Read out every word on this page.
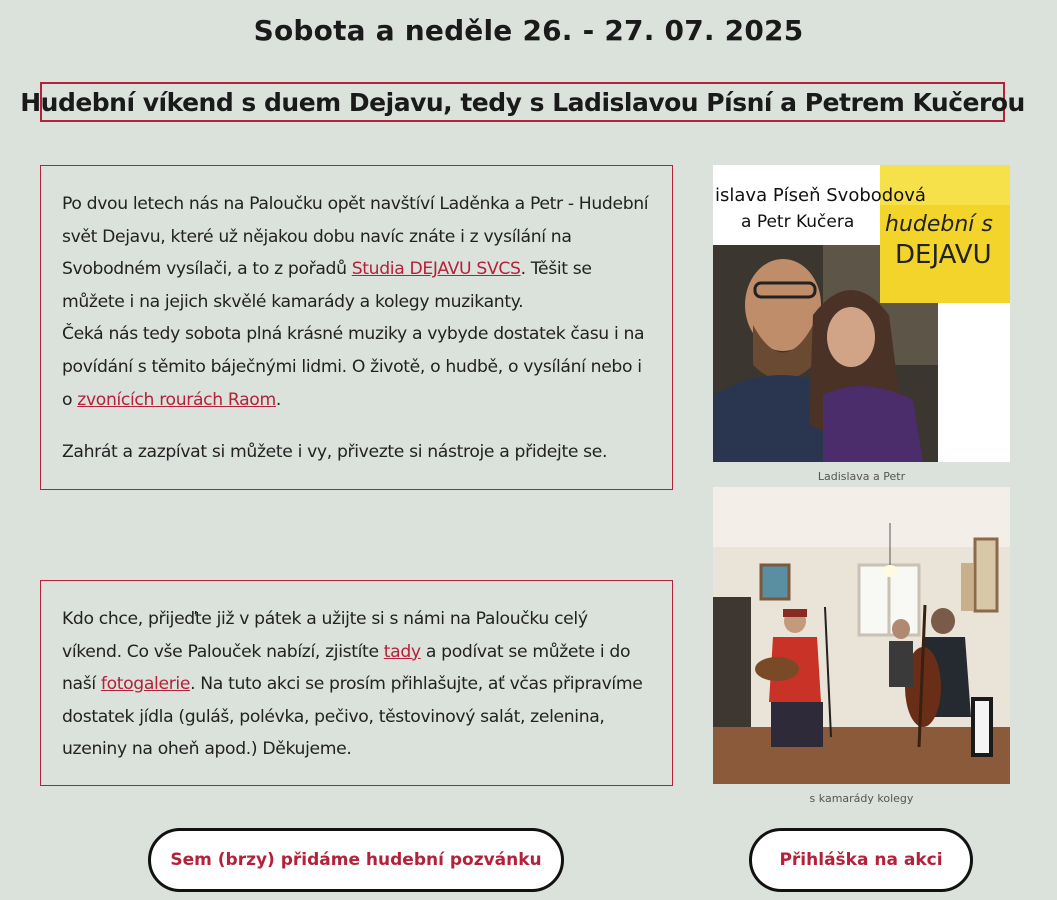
Sobota a neděle 26. - 27. 07. 2025
Hudební víkend s duem Dejavu, tedy s Ladislavou Písní a Petrem Kučerou

Po dvou letech nás na Paloučku opět navštíví Laděnka a Petr - Hudební svět Dejavu, které už nějakou dobu navíc znáte i z vysílání na Svobodném vysílači, a to z pořadů Studia DEJAVU SVCS. Těšit se můžete i na jejich skvělé kamarády a kolegy muzikanty.

Čeká nás tedy sobota plná krásné muziky a vybyde dostatek času i na povídání s těmito báječnými lidmi. O životě, o hudbě, o vysílání nebo i o zvonících rourách Raom.

Zahrát a zazpívat si můžete i vy, přivezte si nástroje a přidejte se.

Kdo chce, přijeďte již v pátek a užijte si s námi na Paloučku celý víkend. Co vše Palouček nabízí, zjistíte tady a podívat se můžete i do naší fotogalerie. Na tuto akci se prosím přihlašujte, ať včas připravíme dostatek jídla (guláš, polévka, pečivo, těstovinový salát, zelenina, uzeniny na oheň apod.) Děkujeme.

islava Píseň Svobodová
a Petr Kučera hudební s
DEJAVU
Ladislava a Petr
s kamarády kolegy
Sem (brzy) přidáme hudební pozvánku	Přihláška na akci
